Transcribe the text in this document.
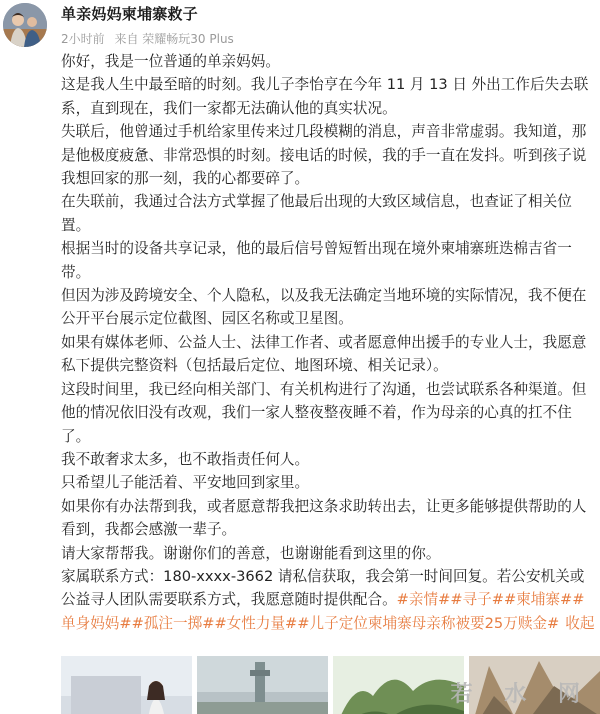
单亲妈妈柬埔寨救子
2小时前 来自 荣耀畅玩30 Plus

你好，我是一位普通的单亲妈妈。

这是我人生中最至暗的时刻。我儿子李怡亨在今年 11 月 13 日 外出工作后失去联系，直到现在，我们一家都无法确认他的真实状况。

失联后，他曾通过手机给家里传来过几段模糊的消息，声音非常虚弱。我知道，那是他极度疲惫、非常恐惧的时刻。接电话的时候，我的手一直在发抖。听到孩子说我想回家的那一刻，我的心都要碎了。

在失联前，我通过合法方式掌握了他最后出现的大致区域信息，也查证了相关位置。

根据当时的设备共享记录，他的最后信号曾短暂出现在境外柬埔寨班迭棉吉省一带。

但因为涉及跨境安全、个人隐私，以及我无法确定当地环境的实际情况，我不便在公开平台展示定位截图、园区名称或卫星图。

如果有媒体老师、公益人士、法律工作者、或者愿意伸出援手的专业人士，我愿意私下提供完整资料（包括最后定位、地图环境、相关记录）。

这段时间里，我已经向相关部门、有关机构进行了沟通，也尝试联系各种渠道。但他的情况依旧没有改观，我们一家人整夜整夜睡不着，作为母亲的心真的扛不住了。

我不敢奢求太多，也不敢指责任何人。

只希望儿子能活着、平安地回到家里。

如果你有办法帮到我，或者愿意帮我把这条求助转出去，让更多能够提供帮助的人看到，我都会感激一辈子。

请大家帮帮我。谢谢你们的善意，也谢谢能看到这里的你。

家属联系方式：180-xxxx-3662 请私信获取，我会第一时间回复。若公安机关或公益寻人团队需要联系方式，我愿意随时提供配合。#亲情##寻子##柬埔寨##单身妈妈##孤注一掷##女性力量##儿子定位柬埔寨母亲称被要25万赎金# 收起

若 水 网
